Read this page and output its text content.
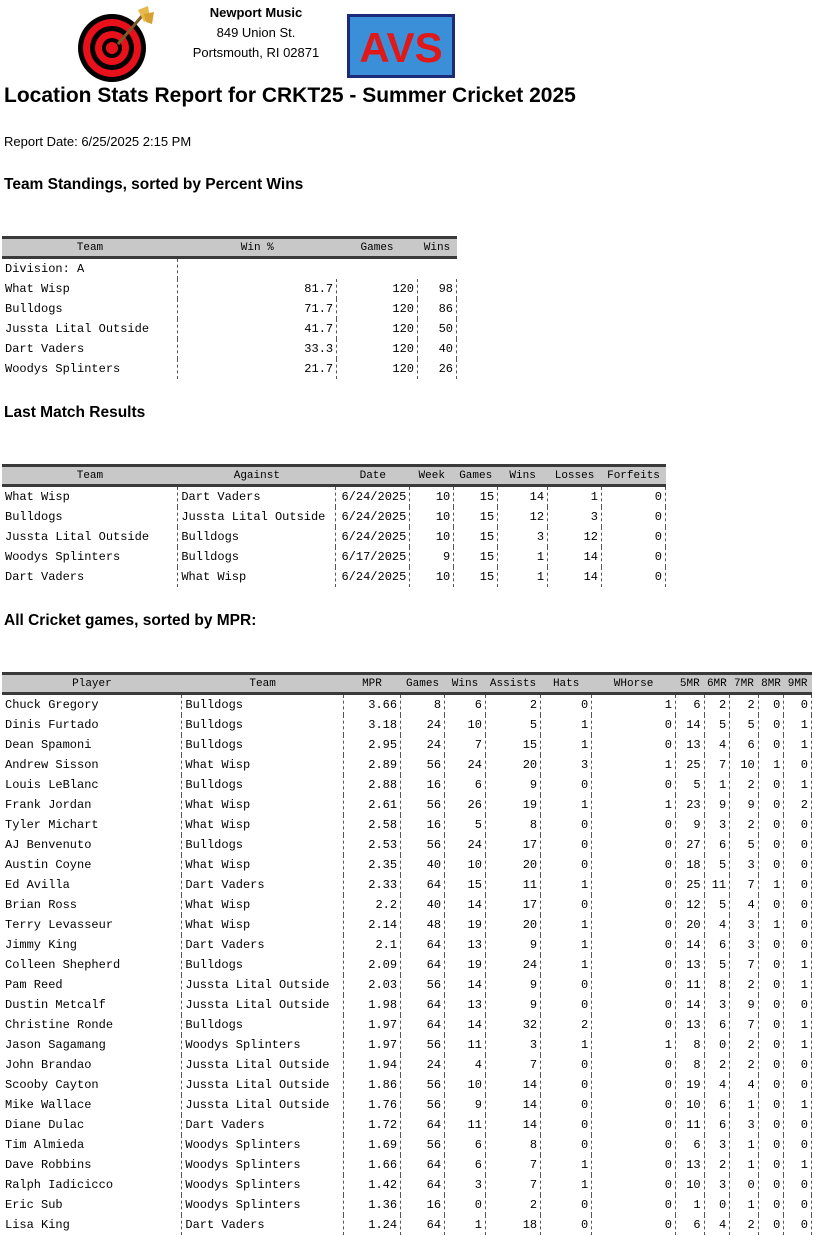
Newport Music
849 Union St.
Portsmouth, RI 02871 AVS
Location Stats Report for CRKT25 - Summer Cricket 2025
Report Date: 6/25/2025 2:15 PM
Team Standings, sorted by Percent Wins
Team	Win %	Games	Wins
Division: A			
What Wisp	81.7	120	98
Bulldogs	71.7	120	86
Jussta Lital Outside	41.7	120	50
Dart Vaders	33.3	120	40
Woodys Splinters	21.7	120	26
Last Match Results
Team	Against	Date	Week	Games	Wins	Losses	Forfeits
What Wisp	Dart Vaders	6/24/2025	10	15	14	1	0
Bulldogs	Jussta Lital Outside	6/24/2025	10	15	12	3	0
Jussta Lital Outside	Bulldogs	6/24/2025	10	15	3	12	0
Woodys Splinters	Bulldogs	6/17/2025	9	15	1	14	0
Dart Vaders	What Wisp	6/24/2025	10	15	1	14	0
All Cricket games, sorted by MPR:
Player	Team	MPR	Games	Wins	Assists	Hats	WHorse	5MR	6MR	7MR	8MR	9MR
Chuck Gregory	Bulldogs	3.66	8	6	2	0	1	6	2	2	0	0
Dinis Furtado	Bulldogs	3.18	24	10	5	1	0	14	5	5	0	1
Dean Spamoni	Bulldogs	2.95	24	7	15	1	0	13	4	6	0	1
Andrew Sisson	What Wisp	2.89	56	24	20	3	1	25	7	10	1	0
Louis LeBlanc	Bulldogs	2.88	16	6	9	0	0	5	1	2	0	1
Frank Jordan	What Wisp	2.61	56	26	19	1	1	23	9	9	0	2
Tyler Michart	What Wisp	2.58	16	5	8	0	0	9	3	2	0	0
AJ Benvenuto	Bulldogs	2.53	56	24	17	0	0	27	6	5	0	0
Austin Coyne	What Wisp	2.35	40	10	20	0	0	18	5	3	0	0
Ed Avilla	Dart Vaders	2.33	64	15	11	1	0	25	11	7	1	0
Brian Ross	What Wisp	2.2	40	14	17	0	0	12	5	4	0	0
Terry Levasseur	What Wisp	2.14	48	19	20	1	0	20	4	3	1	0
Jimmy King	Dart Vaders	2.1	64	13	9	1	0	14	6	3	0	0
Colleen Shepherd	Bulldogs	2.09	64	19	24	1	0	13	5	7	0	1
Pam Reed	Jussta Lital Outside	2.03	56	14	9	0	0	11	8	2	0	1
Dustin Metcalf	Jussta Lital Outside	1.98	64	13	9	0	0	14	3	9	0	0
Christine Ronde	Bulldogs	1.97	64	14	32	2	0	13	6	7	0	1
Jason Sagamang	Woodys Splinters	1.97	56	11	3	1	1	8	0	2	0	1
John Brandao	Jussta Lital Outside	1.94	24	4	7	0	0	8	2	2	0	0
Scooby Cayton	Jussta Lital Outside	1.86	56	10	14	0	0	19	4	4	0	0
Mike Wallace	Jussta Lital Outside	1.76	56	9	14	0	0	10	6	1	0	1
Diane Dulac	Dart Vaders	1.72	64	11	14	0	0	11	6	3	0	0
Tim Almieda	Woodys Splinters	1.69	56	6	8	0	0	6	3	1	0	0
Dave Robbins	Woodys Splinters	1.66	64	6	7	1	0	13	2	1	0	1
Ralph Iadicicco	Woodys Splinters	1.42	64	3	7	1	0	10	3	0	0	0
Eric Sub	Woodys Splinters	1.36	16	0	2	0	0	1	0	1	0	0
Lisa King	Dart Vaders	1.24	64	1	18	0	0	6	4	2	0	0
